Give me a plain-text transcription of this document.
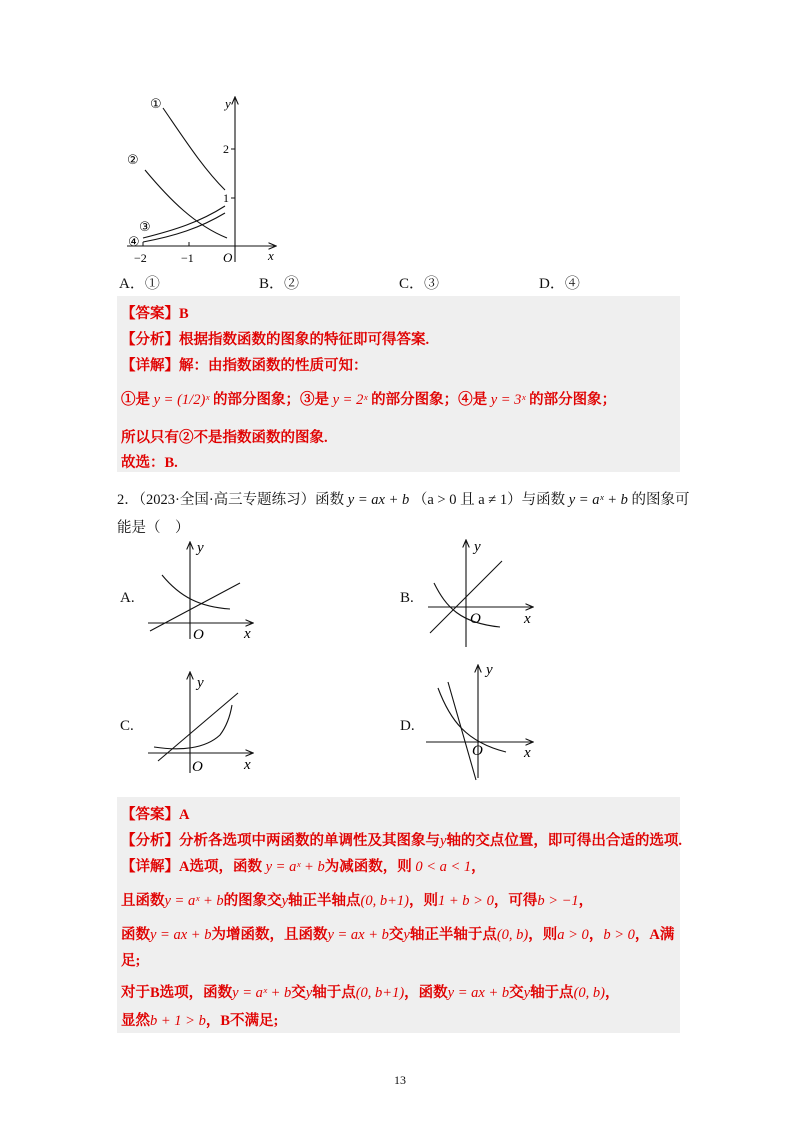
①
②
③
④
y
x
O
−2	−1
1
2
A．①	B．②	C．③	D．④
【答案】B
【分析】根据指数函数的图象的特征即可得答案.
【详解】解：由指数函数的性质可知：
①是 y = (1/2)ˣ 的部分图象；③是 y = 2ˣ 的部分图象；④是 y = 3ˣ 的部分图象；
所以只有②不是指数函数的图象.
故选：B.
2．（2023·全国·高三专题练习）函数 y = ax + b （a > 0 且 a ≠ 1）与函数 y = aˣ + b 的图象可
能是（　）
A.	B.
C.	D.
y
x
O
y
x
O
y
x
O
y
x
O
【答案】A
【分析】分析各选项中两函数的单调性及其图象与y轴的交点位置，即可得出合适的选项.
【详解】A选项，函数 y = aˣ + b为减函数，则 0 < a < 1，
且函数y = aˣ + b的图象交y轴正半轴点(0, b+1)，则1 + b > 0，可得b > −1，
函数y = ax + b为增函数，且函数y = ax + b交y轴正半轴于点(0, b)，则a > 0，b > 0，A满
足;
对于B选项，函数y = aˣ + b交y轴于点(0, b+1)，函数y = ax + b交y轴于点(0, b)，
显然b + 1 > b，B不满足;
13
